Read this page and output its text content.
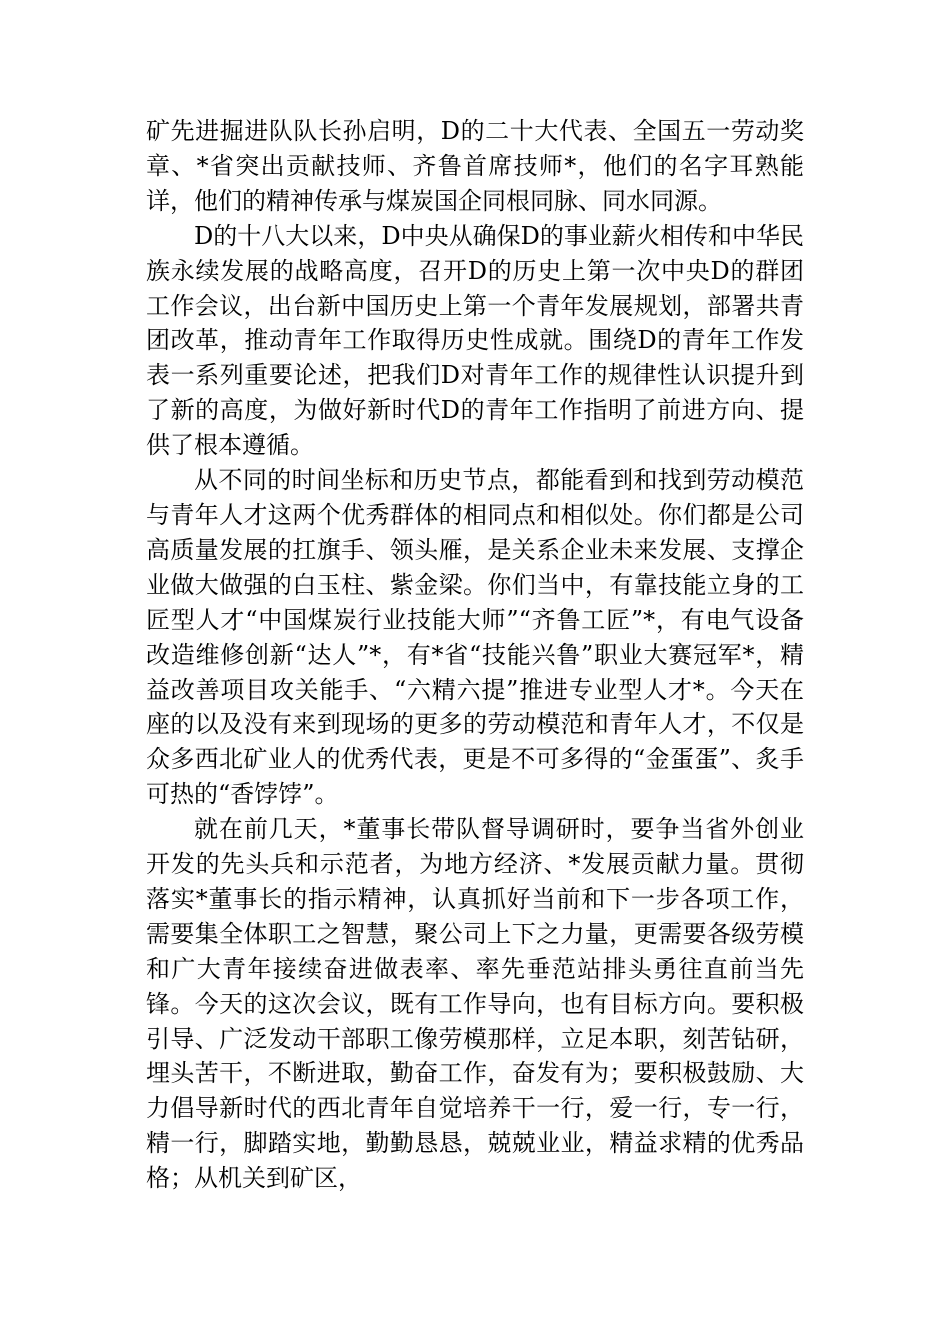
矿先进掘进队队长孙启明，D的二十大代表、全国五一劳动奖章、*省突出贡献技师、齐鲁首席技师*，他们的名字耳熟能详，他们的精神传承与煤炭国企同根同脉、同水同源。

D的十八大以来，D中央从确保D的事业薪火相传和中华民族永续发展的战略高度，召开D的历史上第一次中央D的群团工作会议，出台新中国历史上第一个青年发展规划，部署共青团改革，推动青年工作取得历史性成就。围绕D的青年工作发表一系列重要论述，把我们D对青年工作的规律性认识提升到了新的高度，为做好新时代D的青年工作指明了前进方向、提供了根本遵循。

从不同的时间坐标和历史节点，都能看到和找到劳动模范与青年人才这两个优秀群体的相同点和相似处。你们都是公司高质量发展的扛旗手、领头雁，是关系企业未来发展、支撑企业做大做强的白玉柱、紫金梁。你们当中，有靠技能立身的工匠型人才“中国煤炭行业技能大师”“齐鲁工匠”*，有电气设备改造维修创新“达人”*，有*省“技能兴鲁”职业大赛冠军*，精益改善项目攻关能手、“六精六提”推进专业型人才*。今天在座的以及没有来到现场的更多的劳动模范和青年人才，不仅是众多西北矿业人的优秀代表，更是不可多得的“金蛋蛋”、炙手可热的“香饽饽”。

就在前几天，*董事长带队督导调研时，要争当省外创业开发的先头兵和示范者，为地方经济、*发展贡献力量。贯彻落实*董事长的指示精神，认真抓好当前和下一步各项工作，需要集全体职工之智慧，聚公司上下之力量，更需要各级劳模和广大青年接续奋进做表率、率先垂范站排头勇往直前当先锋。今天的这次会议，既有工作导向，也有目标方向。要积极引导、广泛发动干部职工像劳模那样，立足本职，刻苦钻研，埋头苦干，不断进取，勤奋工作，奋发有为；要积极鼓励、大力倡导新时代的西北青年自觉培养干一行，爱一行，专一行，精一行，脚踏实地，勤勤恳恳，兢兢业业，精益求精的优秀品格；从机关到矿区，
